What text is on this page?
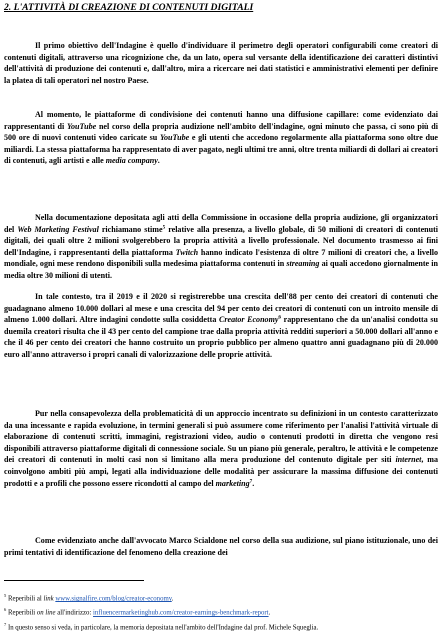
2. L'ATTIVITÀ DI CREAZIONE DI CONTENUTI DIGITALI

Il primo obiettivo dell'Indagine è quello d'individuare il perimetro degli operatori configurabili come creatori di contenuti digitali, attraverso una ricognizione che, da un lato, opera sul versante della identificazione dei caratteri distintivi dell'attività di produzione dei contenuti e, dall'altro, mira a ricercare nei dati statistici e amministrativi elementi per definire la platea di tali operatori nel nostro Paese.

Al momento, le piattaforme di condivisione dei contenuti hanno una diffusione capillare: come evidenziato dai rappresentanti di YouTube nel corso della propria audizione nell'ambito dell'indagine, ogni minuto che passa, ci sono più di 500 ore di nuovi contenuti video caricate su YouTube e gli utenti che accedono regolarmente alla piattaforma sono oltre due miliardi. La stessa piattaforma ha rappresentato di aver pagato, negli ultimi tre anni, oltre trenta miliardi di dollari ai creatori di contenuti, agli artisti e alle media company.

Nella documentazione depositata agli atti della Commissione in occasione della propria audizione, gli organizzatori del Web Marketing Festival richiamano stime$^5$ relative alla presenza, a livello globale, di 50 milioni di creatori di contenuti digitali, dei quali oltre 2 milioni svolgerebbero la propria attività a livello professionale. Nel documento trasmesso ai fini dell'Indagine, i rappresentanti della piattaforma Twitch hanno indicato l'esistenza di oltre 7 milioni di creatori che, a livello mondiale, ogni mese rendono disponibili sulla medesima piattaforma contenuti in streaming ai quali accedono giornalmente in media oltre 30 milioni di utenti.

In tale contesto, tra il 2019 e il 2020 si registrerebbe una crescita dell'88 per cento dei creatori di contenuti che guadagnano almeno 10.000 dollari al mese e una crescita del 94 per cento dei creatori di contenuti con un introito mensile di almeno 1.000 dollari. Altre indagini condotte sulla cosiddetta Creator Economy$^6$ rappresentano che da un'analisi condotta su duemila creatori risulta che il 43 per cento del campione trae dalla propria attività redditi superiori a 50.000 dollari all'anno e che il 46 per cento dei creatori che hanno costruito un proprio pubblico per almeno quattro anni guadagnano più di 20.000 euro all'anno attraverso i propri canali di valorizzazione delle proprie attività.

Pur nella consapevolezza della problematicità di un approccio incentrato su definizioni in un contesto caratterizzato da una incessante e rapida evoluzione, in termini generali si può assumere come riferimento per l'analisi l'attività virtuale di elaborazione di contenuti scritti, immagini, registrazioni video, audio o contenuti prodotti in diretta che vengono resi disponibili attraverso piattaforme digitali di connessione sociale. Su un piano più generale, peraltro, le attività e le competenze dei creatori di contenuti in molti casi non si limitano alla mera produzione del contenuto digitale per siti internet, ma coinvolgono ambiti più ampi, legati alla individuazione delle modalità per assicurare la massima diffusione dei contenuti prodotti e a profili che possono essere ricondotti al campo del marketing$^7$.

Come evidenziato anche dall'avvocato Marco Scialdone nel corso della sua audizione, sul piano istituzionale, uno dei primi tentativi di identificazione del fenomeno della creazione dei

$^5$ Reperibili al link www.signalfire.com/blog/creator-economy.

$^6$ Reperibili on line all'indirizzo: influencermarketinghub.com/creator-earnings-benchmark-report.

$^7$ In questo senso si veda, in particolare, la memoria depositata nell'ambito dell'Indagine dal prof. Michele Squeglia.
